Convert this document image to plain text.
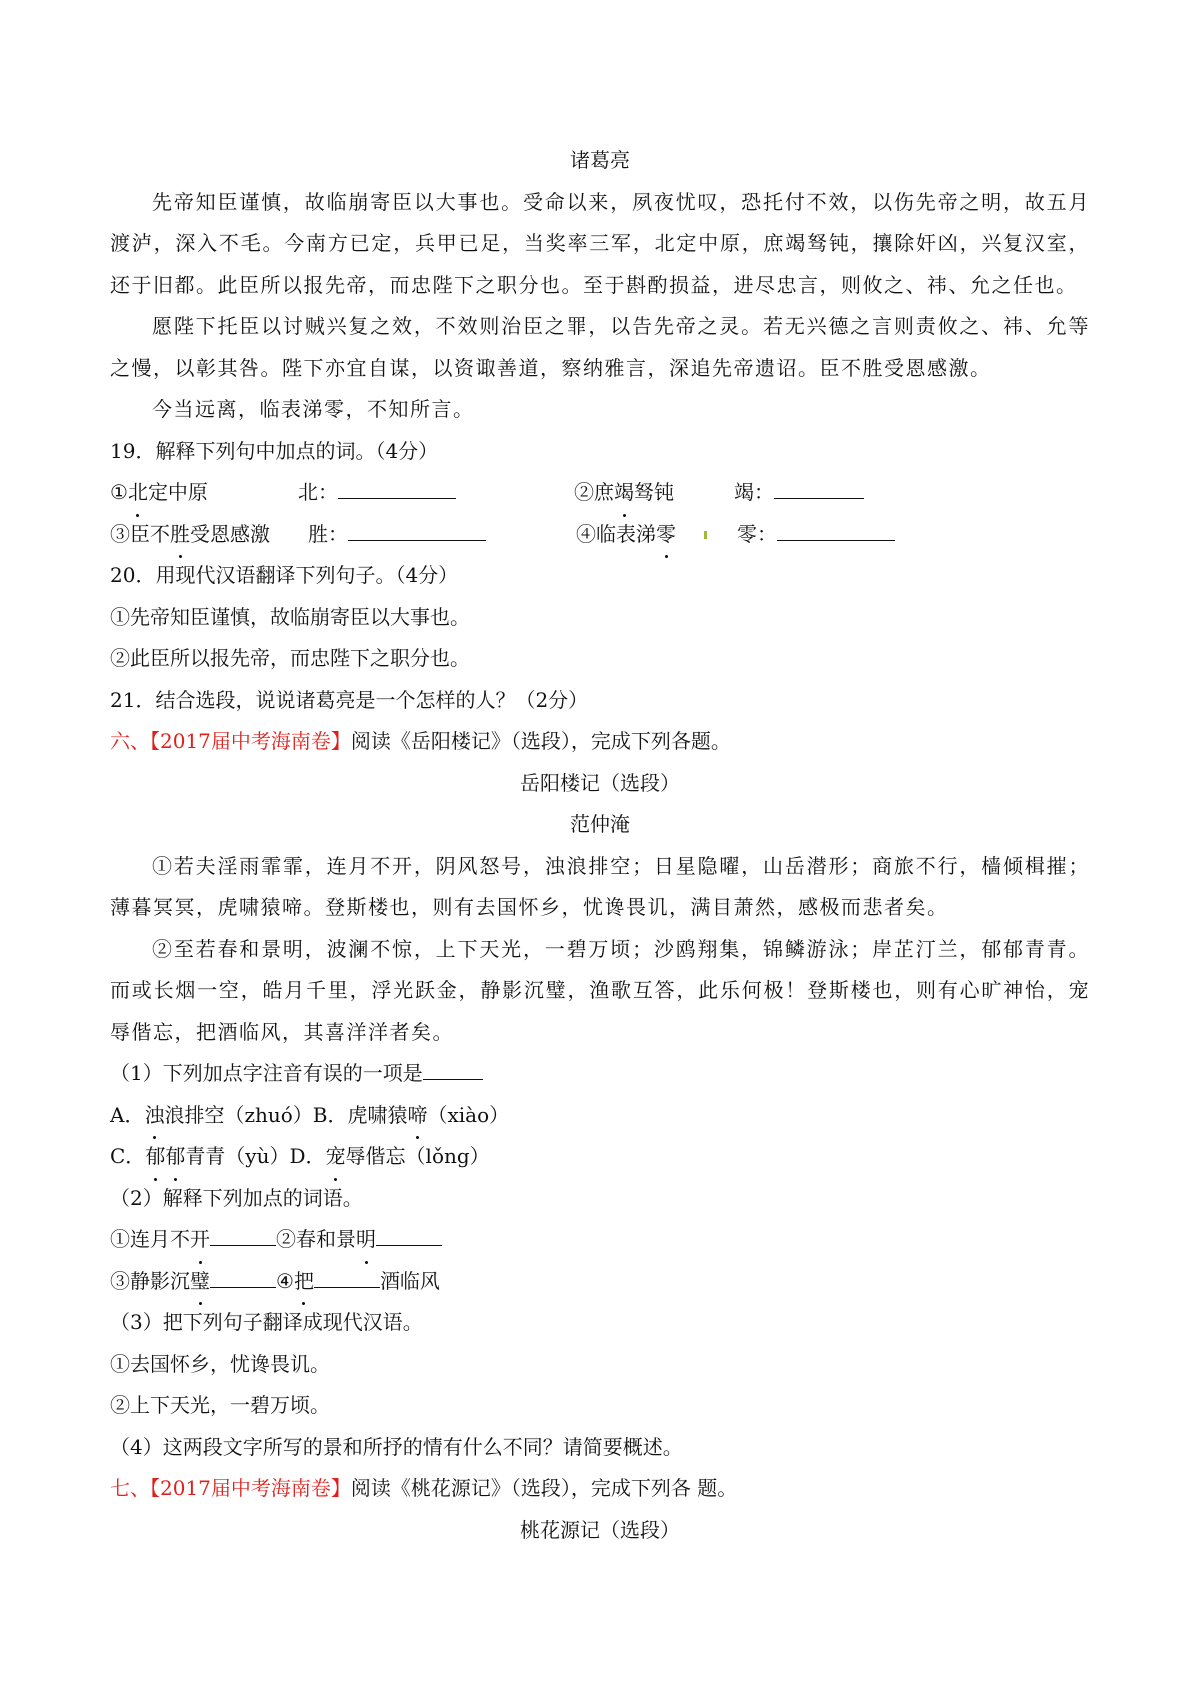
诸葛亮
先帝知臣谨慎，故临崩寄臣以大事也。受命以来，夙夜忧叹，恐托付不效，以伤先帝之明，故五月渡泸，深入不毛。今南方已定，兵甲已足，当奖率三军，北定中原，庶竭驽钝，攘除奸凶，兴复汉室，还于旧都。此臣所以报先帝，而忠陛下之职分也。至于斟酌损益，进尽忠言，则攸之、祎、允之任也。
愿陛下托臣以讨贼兴复之效，不效则治臣之罪，以告先帝之灵。若无兴德之言则责攸之、祎、允等之慢，以彰其咎。陛下亦宜自谋，以资诹善道，察纳雅言，深追先帝遗诏。臣不胜受恩感激。
今当远离，临表涕零，不知所言。
19．解释下列句中加点的词。（4分）
①北定中原	北：	②庶竭驽钝	竭：
③臣不胜受恩感激 胜：	④临表涕零	零：
20．用现代汉语翻译下列句子。（4分）
①先帝知臣谨慎，故临崩寄臣以大事也。
②此臣所以报先帝，而忠陛下之职分也。
21．结合选段，说说诸葛亮是一个怎样的人？（2分）
六、【2017届中考海南卷】阅读《岳阳楼记》（选段），完成下列各题。
岳阳楼记（选段）
范仲淹
①若夫淫雨霏霏，连月不开，阴风怒号，浊浪排空；日星隐曜，山岳潜形；商旅不行，樯倾楫摧；薄暮冥冥，虎啸猿啼。登斯楼也，则有去国怀乡，忧谗畏讥，满目萧然，感极而悲者矣。
②至若春和景明，波澜不惊，上下天光，一碧万顷；沙鸥翔集，锦鳞游泳；岸芷汀兰，郁郁青青。而或长烟一空，皓月千里，浮光跃金，静影沉璧，渔歌互答，此乐何极！登斯楼也，则有心旷神怡，宠辱偕忘，把酒临风，其喜洋洋者矣。
（1）下列加点字注音有误的一项是
A．浊浪排空（zhuó）B．虎啸猿啼（xiào）
C．郁郁青青（yù）D．宠辱偕忘（lǒng）
（2）解释下列加点的词语。
①连月不开	②春和景明
③静影沉璧	④把	酒临风
（3）把下列句子翻译成现代汉语。
①去国怀乡，忧谗畏讥。
②上下天光，一碧万顷。
（4）这两段文字所写的景和所抒的情有什么不同？请简要概述。
七、【2017届中考海南卷】阅读《桃花源记》（选段），完成下列各 题。
桃花源记（选段）
